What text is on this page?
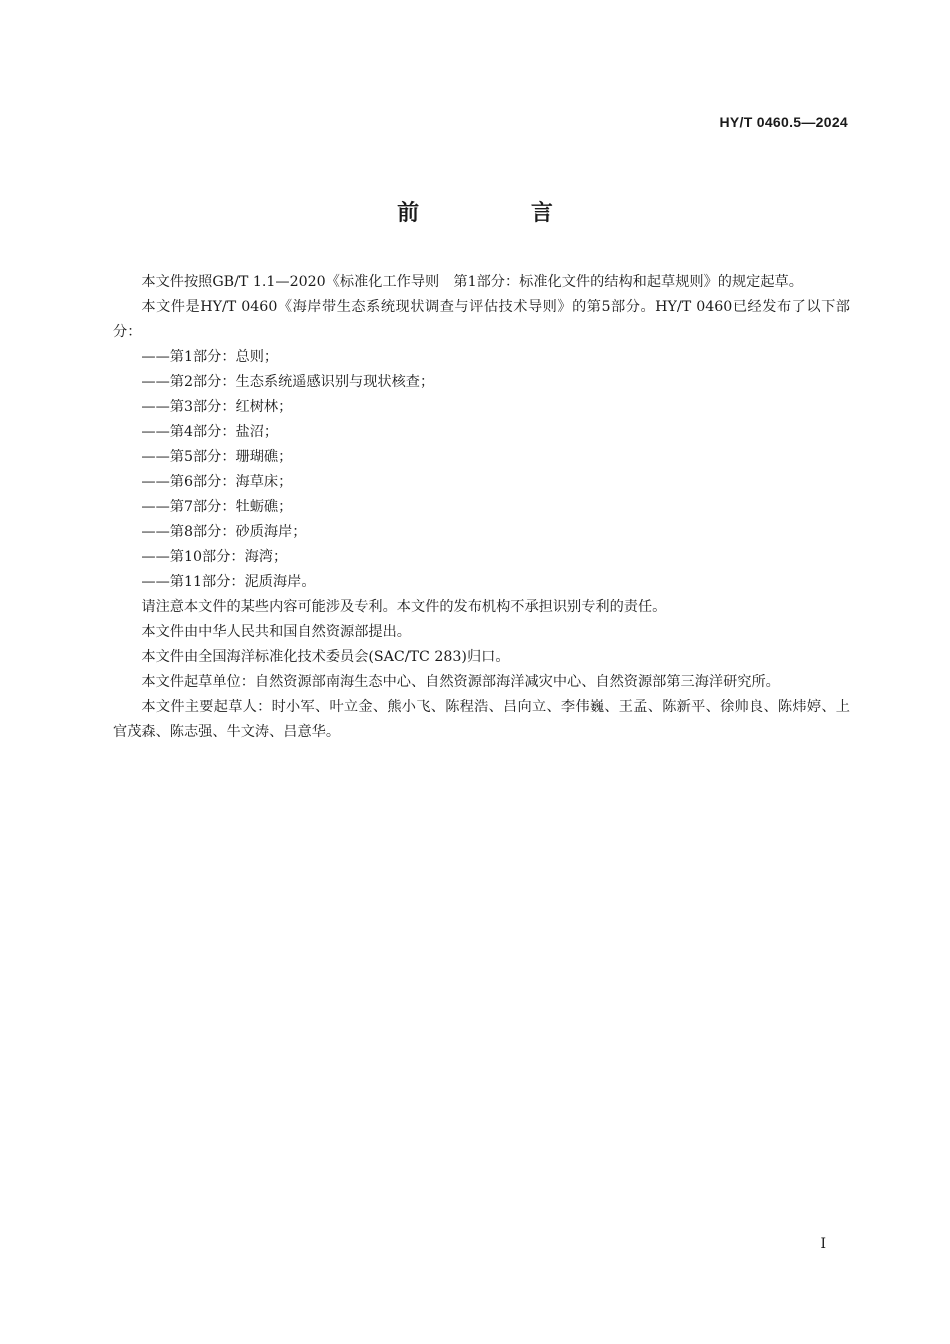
HY/T 0460.5—2024
前 言

本文件按照GB/T 1.1—2020《标准化工作导则　第1部分：标准化文件的结构和起草规则》的规定起草。

本文件是HY/T 0460《海岸带生态系统现状调查与评估技术导则》的第5部分。HY/T 0460已经发布了以下部分：

——第1部分：总则；
——第2部分：生态系统遥感识别与现状核查；
——第3部分：红树林；
——第4部分：盐沼；
——第5部分：珊瑚礁；
——第6部分：海草床；
——第7部分：牡蛎礁；
——第8部分：砂质海岸；
——第10部分：海湾；
——第11部分：泥质海岸。

请注意本文件的某些内容可能涉及专利。本文件的发布机构不承担识别专利的责任。

本文件由中华人民共和国自然资源部提出。

本文件由全国海洋标准化技术委员会(SAC/TC 283)归口。

本文件起草单位：自然资源部南海生态中心、自然资源部海洋减灾中心、自然资源部第三海洋研究所。

本文件主要起草人：时小军、叶立金、熊小飞、陈程浩、吕向立、李伟巍、王孟、陈新平、徐帅良、陈炜婷、上官茂森、陈志强、牛文涛、吕意华。

I
